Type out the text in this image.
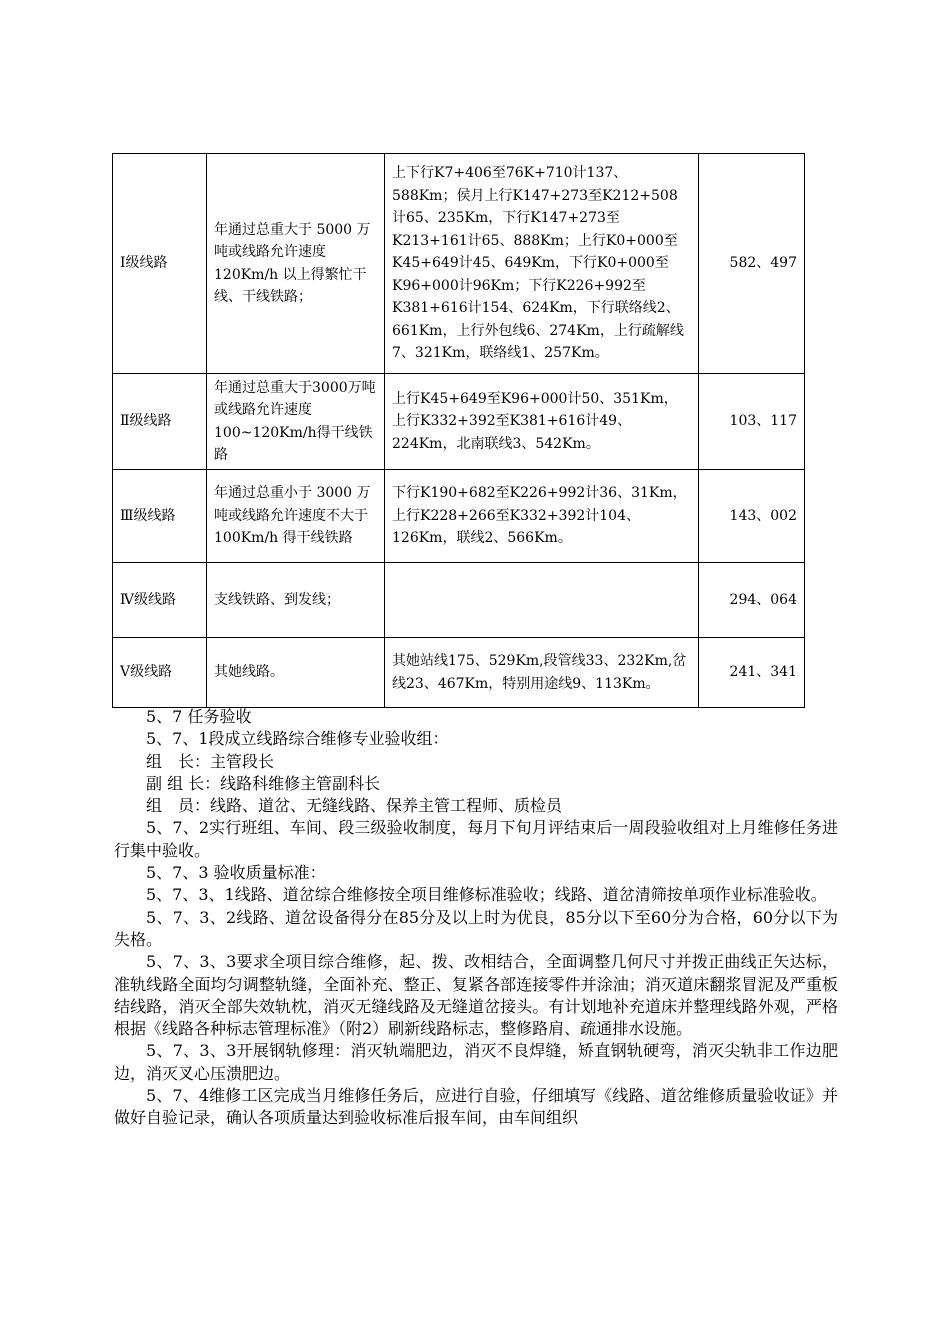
Ⅰ级线路	年通过总重大于 5000 万吨或线路允许速度120Km/h 以上得繁忙干线、干线铁路；	上下行K7+406至76K+710计137、588Km；侯月上行K147+273至K212+508计65、235Km，下行K147+273至K213+161计65、888Km；上行K0+000至K45+649计45、649Km，下行K0+000至K96+000计96Km；下行K226+992至K381+616计154、624Km，下行联络线2、661Km，上行外包线6、274Km，上行疏解线7、321Km，联络线1、257Km。	582、497
Ⅱ级线路	年通过总重大于3000万吨或线路允许速度100~120Km/h得干线铁路	上行K45+649至K96+000计50、351Km，上行K332+392至K381+616计49、224Km，北南联线3、542Km。	103、117
Ⅲ级线路	年通过总重小于 3000 万吨或线路允许速度不大于 100Km/h 得干线铁路	下行K190+682至K226+992计36、31Km，上行K228+266至K332+392计104、126Km，联线2、566Km。	143、002
Ⅳ级线路	支线铁路、到发线；		294、064
Ⅴ级线路	其她线路。	其她站线175、529Km,段管线33、232Km,岔线23、467Km，特别用途线9、113Km。	241、341

5、7 任务验收

5、7、1段成立线路综合维修专业验收组：

组　长：主管段长

副 组 长：线路科维修主管副科长

组　员：线路、道岔、无缝线路、保养主管工程师、质检员

5、7、2实行班组、车间、段三级验收制度，每月下旬月评结束后一周段验收组对上月维修任务进行集中验收。

5、7、3 验收质量标准：

5、7、3、1线路、道岔综合维修按全项目维修标准验收；线路、道岔清筛按单项作业标准验收。

5、7、3、2线路、道岔设备得分在85分及以上时为优良，85分以下至60分为合格，60分以下为失格。

5、7、3、3要求全项目综合维修，起、拨、改相结合，全面调整几何尺寸并拨正曲线正矢达标，准轨线路全面均匀调整轨缝，全面补充、整正、复紧各部连接零件并涂油；消灭道床翻浆冒泥及严重板结线路，消灭全部失效轨枕，消灭无缝线路及无缝道岔接头。有计划地补充道床并整理线路外观，严格根据《线路各种标志管理标准》（附2）刷新线路标志，整修路肩、疏通排水设施。

5、7、3、3开展钢轨修理：消灭轨端肥边，消灭不良焊缝，矫直钢轨硬弯，消灭尖轨非工作边肥边，消灭叉心压溃肥边。

5、7、4维修工区完成当月维修任务后，应进行自验，仔细填写《线路、道岔维修质量验收证》并做好自验记录，确认各项质量达到验收标准后报车间，由车间组织
